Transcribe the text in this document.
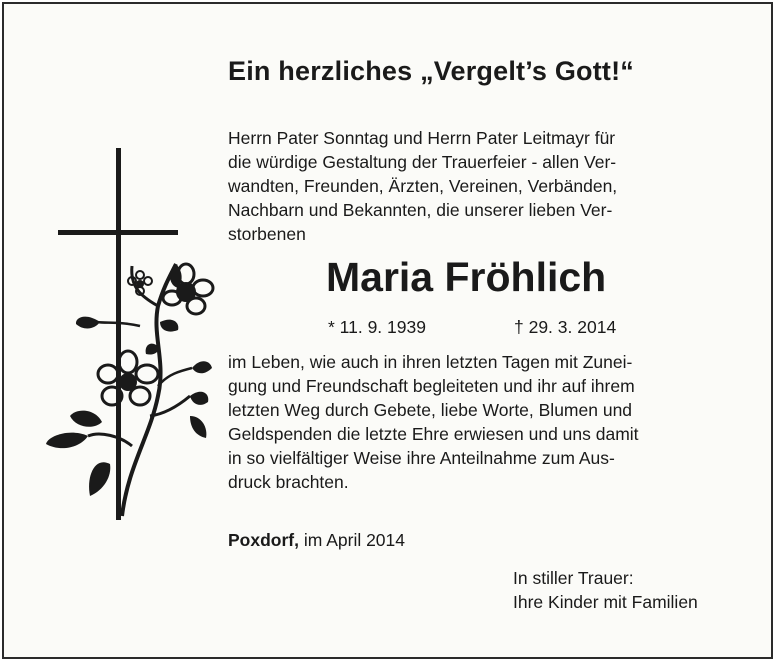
Ein herzliches „Vergelt’s Gott!“
Herrn Pater Sonntag und Herrn Pater Leitmayr für
die würdige Gestaltung der Trauerfeier - allen Ver-
wandten, Freunden, Ärzten, Vereinen, Verbänden,
Nachbarn und Bekannten, die unserer lieben Ver-
storbenen
Maria Fröhlich
* 11. 9. 1939	† 29. 3. 2014
im Leben, wie auch in ihren letzten Tagen mit Zunei-
gung und Freundschaft begleiteten und ihr auf ihrem
letzten Weg durch Gebete, liebe Worte, Blumen und
Geldspenden die letzte Ehre erwiesen und uns damit
in so vielfältiger Weise ihre Anteilnahme zum Aus-
druck brachten.
Poxdorf, im April 2014
In stiller Trauer:
Ihre Kinder mit Familien
